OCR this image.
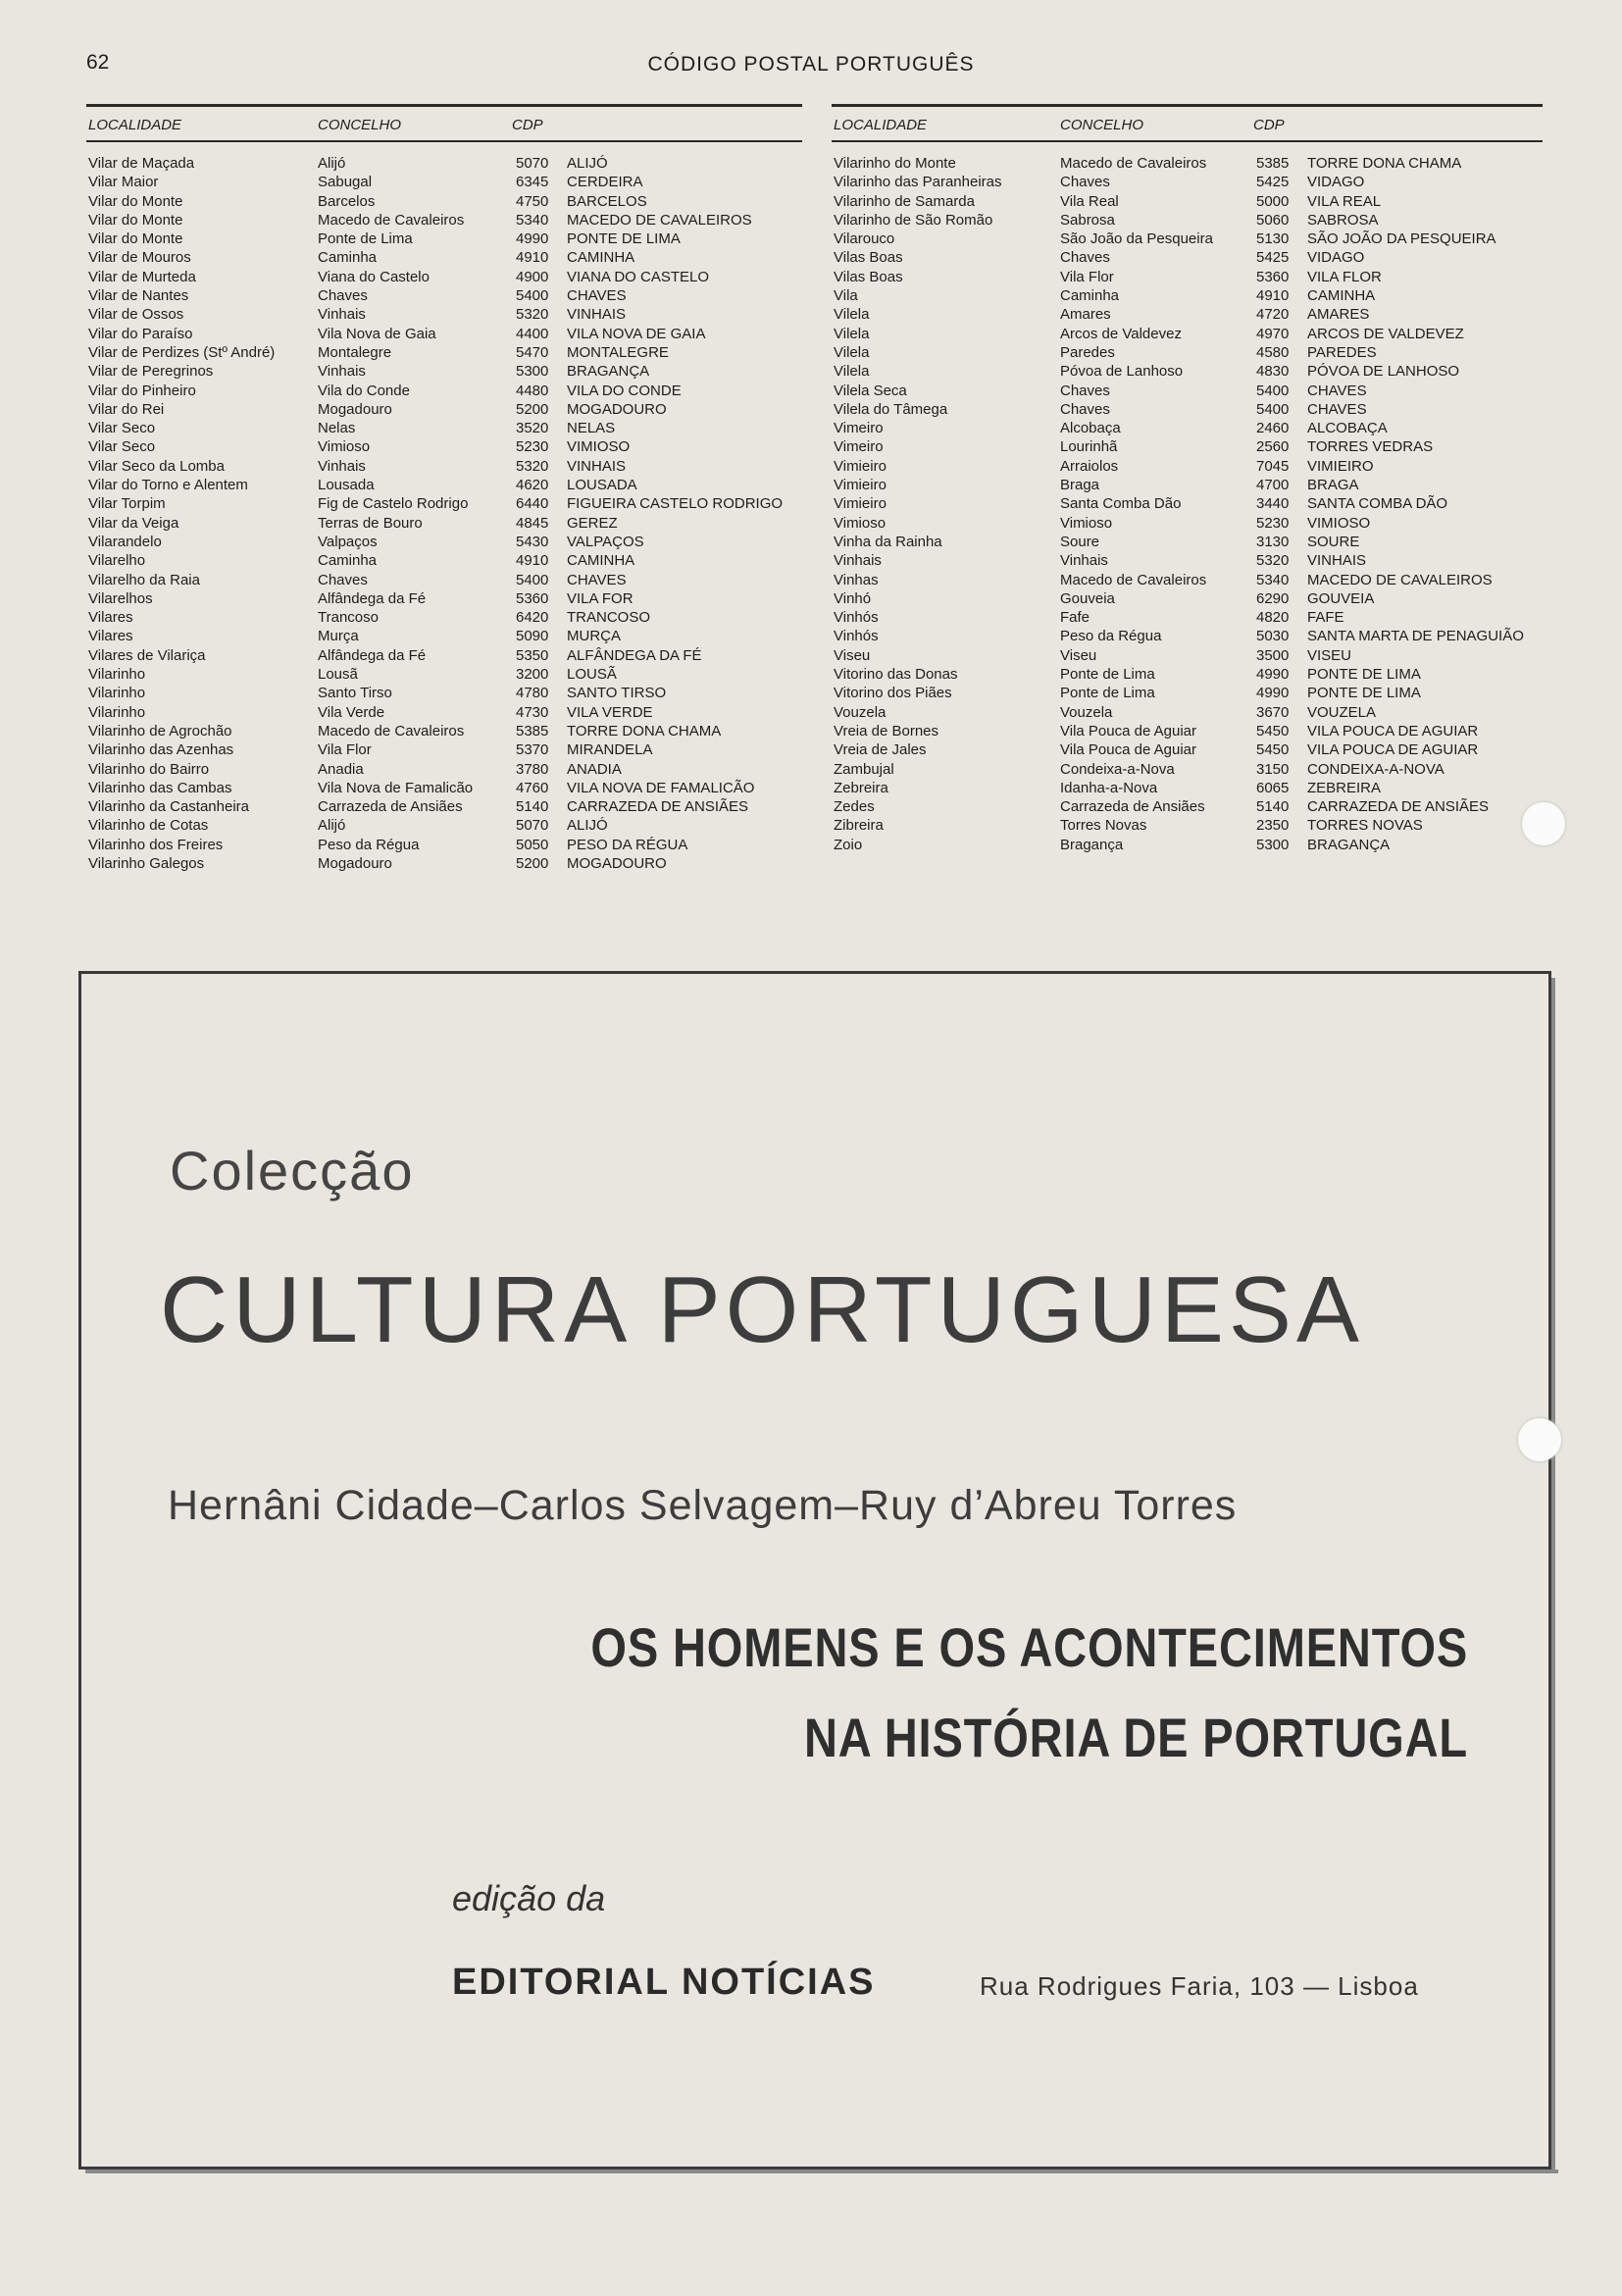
62	CÓDIGO POSTAL PORTUGUÊS
LOCALIDADE	CONCELHO	CDP
Vilar de Maçada	Alijó	5070	ALIJÓ
Vilar Maior	Sabugal	6345	CERDEIRA
Vilar do Monte	Barcelos	4750	BARCELOS
Vilar do Monte	Macedo de Cavaleiros	5340	MACEDO DE CAVALEIROS
Vilar do Monte	Ponte de Lima	4990	PONTE DE LIMA
Vilar de Mouros	Caminha	4910	CAMINHA
Vilar de Murteda	Viana do Castelo	4900	VIANA DO CASTELO
Vilar de Nantes	Chaves	5400	CHAVES
Vilar de Ossos	Vinhais	5320	VINHAIS
Vilar do Paraíso	Vila Nova de Gaia	4400	VILA NOVA DE GAIA
Vilar de Perdizes (Stº André)	Montalegre	5470	MONTALEGRE
Vilar de Peregrinos	Vinhais	5300	BRAGANÇA
Vilar do Pinheiro	Vila do Conde	4480	VILA DO CONDE
Vilar do Rei	Mogadouro	5200	MOGADOURO
Vilar Seco	Nelas	3520	NELAS
Vilar Seco	Vimioso	5230	VIMIOSO
Vilar Seco da Lomba	Vinhais	5320	VINHAIS
Vilar do Torno e Alentem	Lousada	4620	LOUSADA
Vilar Torpim	Fig de Castelo Rodrigo	6440	FIGUEIRA CASTELO RODRIGO
Vilar da Veiga	Terras de Bouro	4845	GEREZ
Vilarandelo	Valpaços	5430	VALPAÇOS
Vilarelho	Caminha	4910	CAMINHA
Vilarelho da Raia	Chaves	5400	CHAVES
Vilarelhos	Alfândega da Fé	5360	VILA FOR
Vilares	Trancoso	6420	TRANCOSO
Vilares	Murça	5090	MURÇA
Vilares de Vilariça	Alfândega da Fé	5350	ALFÂNDEGA DA FÉ
Vilarinho	Lousã	3200	LOUSÃ
Vilarinho	Santo Tirso	4780	SANTO TIRSO
Vilarinho	Vila Verde	4730	VILA VERDE
Vilarinho de Agrochão	Macedo de Cavaleiros	5385	TORRE DONA CHAMA
Vilarinho das Azenhas	Vila Flor	5370	MIRANDELA
Vilarinho do Bairro	Anadia	3780	ANADIA
Vilarinho das Cambas	Vila Nova de Famalicão	4760	VILA NOVA DE FAMALICÃO
Vilarinho da Castanheira	Carrazeda de Ansiães	5140	CARRAZEDA DE ANSIÃES
Vilarinho de Cotas	Alijó	5070	ALIJÓ
Vilarinho dos Freires	Peso da Régua	5050	PESO DA RÉGUA
Vilarinho Galegos	Mogadouro	5200	MOGADOURO
LOCALIDADE	CONCELHO	CDP
Vilarinho do Monte	Macedo de Cavaleiros	5385	TORRE DONA CHAMA
Vilarinho das Paranheiras	Chaves	5425	VIDAGO
Vilarinho de Samarda	Vila Real	5000	VILA REAL
Vilarinho de São Romão	Sabrosa	5060	SABROSA
Vilarouco	São João da Pesqueira	5130	SÃO JOÃO DA PESQUEIRA
Vilas Boas	Chaves	5425	VIDAGO
Vilas Boas	Vila Flor	5360	VILA FLOR
Vila	Caminha	4910	CAMINHA
Vilela	Amares	4720	AMARES
Vilela	Arcos de Valdevez	4970	ARCOS DE VALDEVEZ
Vilela	Paredes	4580	PAREDES
Vilela	Póvoa de Lanhoso	4830	PÓVOA DE LANHOSO
Vilela Seca	Chaves	5400	CHAVES
Vilela do Tâmega	Chaves	5400	CHAVES
Vimeiro	Alcobaça	2460	ALCOBAÇA
Vimeiro	Lourinhã	2560	TORRES VEDRAS
Vimieiro	Arraiolos	7045	VIMIEIRO
Vimieiro	Braga	4700	BRAGA
Vimieiro	Santa Comba Dão	3440	SANTA COMBA DÃO
Vimioso	Vimioso	5230	VIMIOSO
Vinha da Rainha	Soure	3130	SOURE
Vinhais	Vinhais	5320	VINHAIS
Vinhas	Macedo de Cavaleiros	5340	MACEDO DE CAVALEIROS
Vinhó	Gouveia	6290	GOUVEIA
Vinhós	Fafe	4820	FAFE
Vinhós	Peso da Régua	5030	SANTA MARTA DE PENAGUIÃO
Viseu	Viseu	3500	VISEU
Vitorino das Donas	Ponte de Lima	4990	PONTE DE LIMA
Vitorino dos Piães	Ponte de Lima	4990	PONTE DE LIMA
Vouzela	Vouzela	3670	VOUZELA
Vreia de Bornes	Vila Pouca de Aguiar	5450	VILA POUCA DE AGUIAR
Vreia de Jales	Vila Pouca de Aguiar	5450	VILA POUCA DE AGUIAR
Zambujal	Condeixa-a-Nova	3150	CONDEIXA-A-NOVA
Zebreira	Idanha-a-Nova	6065	ZEBREIRA
Zedes	Carrazeda de Ansiães	5140	CARRAZEDA DE ANSIÃES
Zibreira	Torres Novas	2350	TORRES NOVAS
Zoio	Bragança	5300	BRAGANÇA
Colecção
CULTURA PORTUGUESA
Hernâni Cidade–Carlos Selvagem–Ruy d’Abreu Torres
OS HOMENS E OS ACONTECIMENTOS
NA HISTÓRIA DE PORTUGAL
edição da
EDITORIAL NOTÍCIAS	Rua Rodrigues Faria, 103 — Lisboa
